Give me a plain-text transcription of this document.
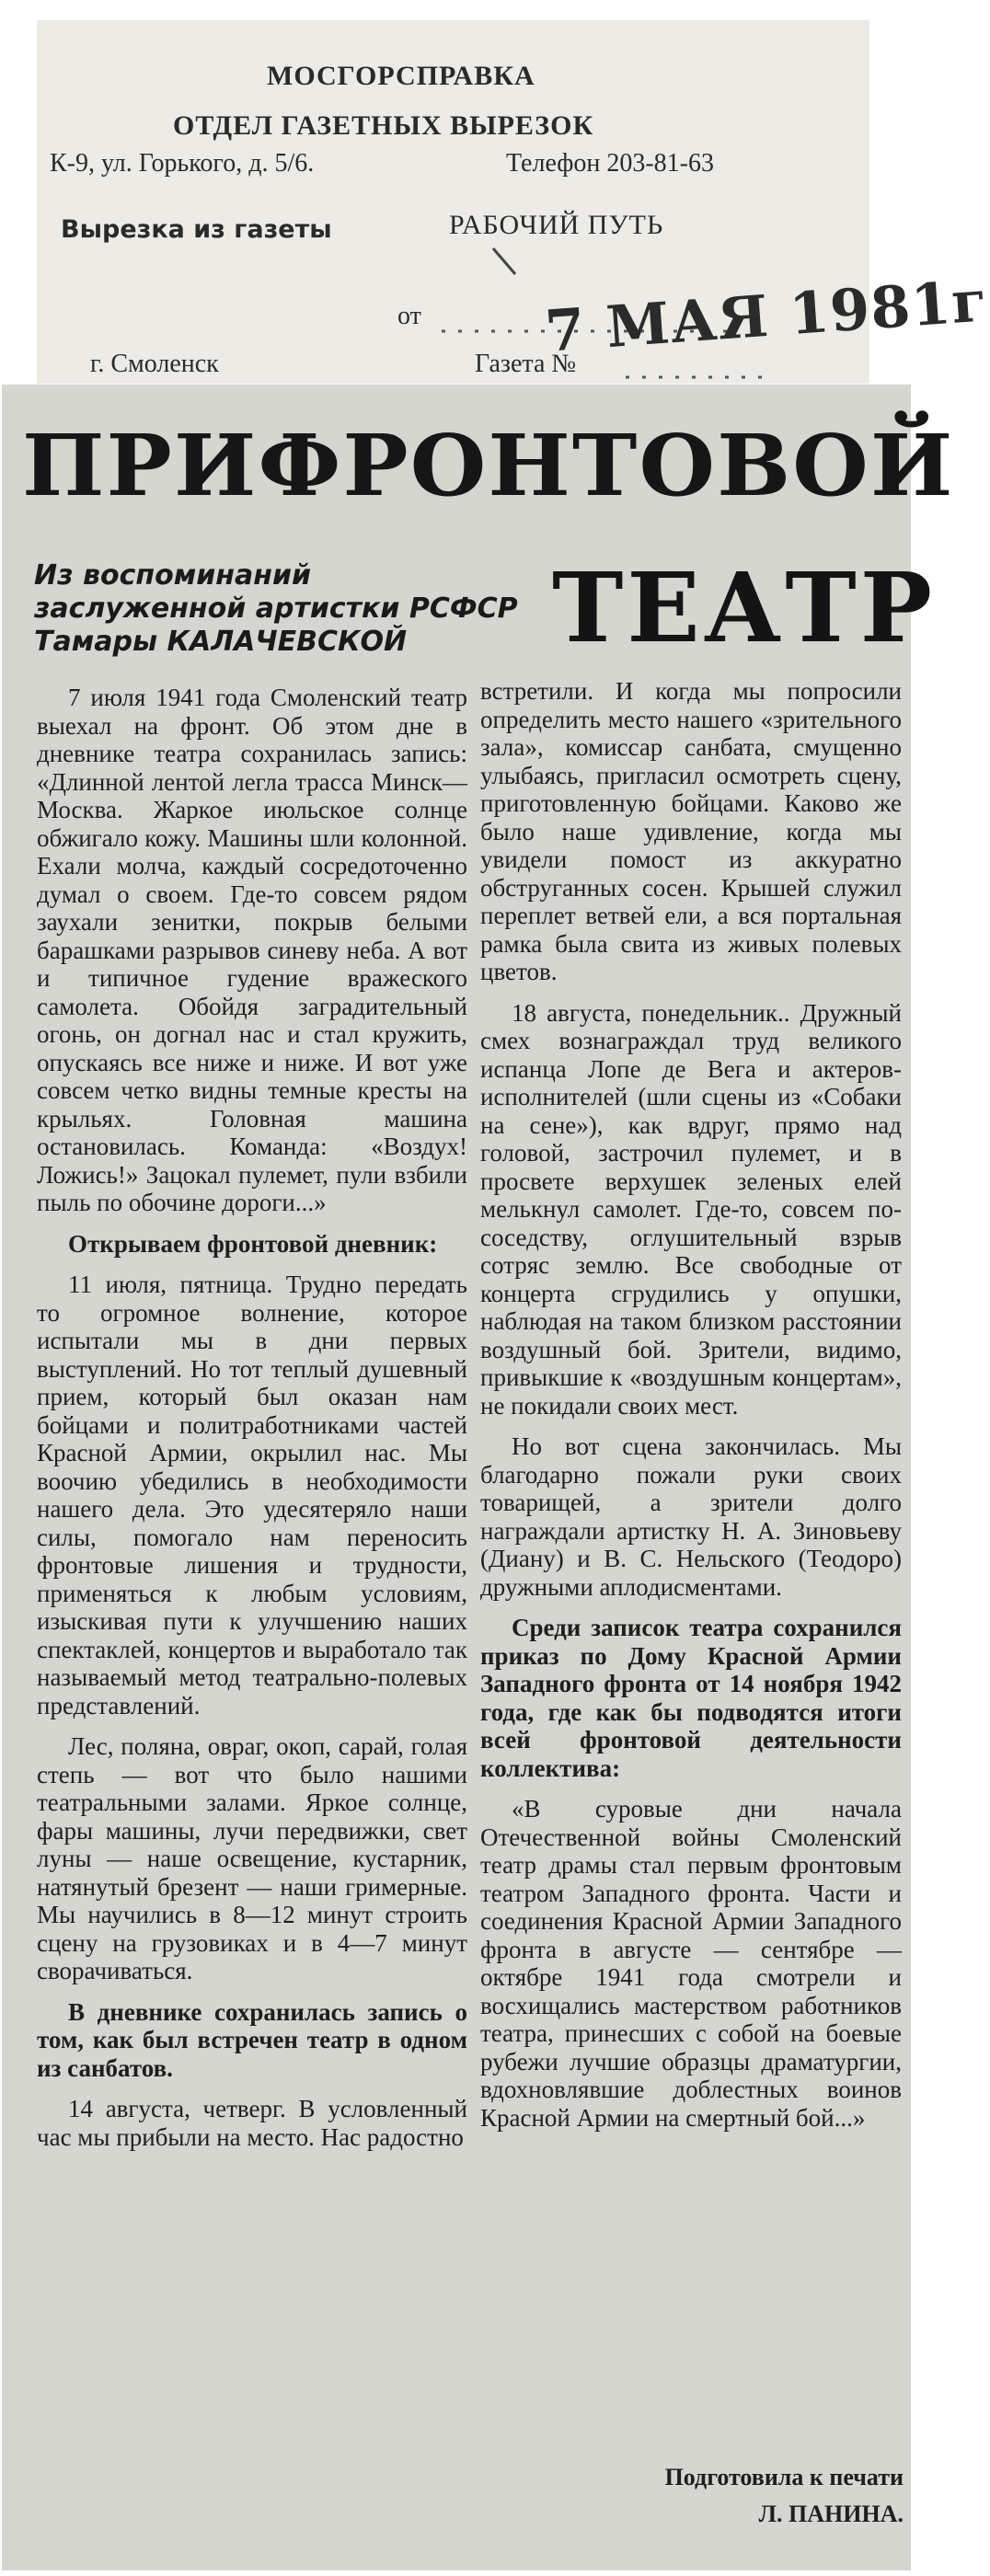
МОСГОРСПРАВКА
ОТДЕЛ ГАЗЕТНЫХ ВЫРЕЗОК
К-9, ул. Горького, д. 5/6.	Телефон 203-81-63
Вырезка из газеты	РАБОЧИЙ ПУТЬ
от
г. Смоленск	Газета №
7 МАЯ 1981г
ПРИФРОНТОВОЙ
Из воспоминаний
заслуженной артистки РСФСР
Тамары КАЛАЧЕВСКОЙ	ТЕАТР

7 июля 1941 года Смоленский театр выехал на фронт. Об этом дне в дневнике театра сохранилась запись: «Длинной лентой легла трасса Минск—Москва. Жаркое июльское солнце обжигало кожу. Машины шли колонной. Ехали молча, каждый сосредоточенно думал о своем. Где-то совсем рядом заухали зенитки, покрыв белыми барашками разрывов синеву неба. А вот и типичное гудение вражеского самолета. Обойдя заградительный огонь, он догнал нас и стал кружить, опускаясь все ниже и ниже. И вот уже совсем четко видны темные кресты на крыльях. Головная машина остановилась. Команда: «Воздух! Ложись!» Зацокал пулемет, пули взбили пыль по обочине дороги...»

Открываем фронтовой дневник:

11 июля, пятница. Трудно передать то огромное волнение, которое испытали мы в дни первых выступлений. Но тот теплый душевный прием, который был оказан нам бойцами и политработниками частей Красной Армии, окрылил нас. Мы воочию убедились в необходимости нашего дела. Это удесятеряло наши силы, помогало нам переносить фронтовые лишения и трудности, применяться к любым условиям, изыскивая пути к улучшению наших спектаклей, концертов и выработало так называемый метод театрально-полевых представлений.

Лес, поляна, овраг, окоп, сарай, голая степь — вот что было нашими театральными залами. Яркое солнце, фары машины, лучи передвижки, свет луны — наше освещение, кустарник, натянутый брезент — наши гримерные. Мы научились в 8—12 минут строить сцену на грузовиках и в 4—7 минут сворачиваться.

В дневнике сохранилась запись о том, как был встречен театр в одном из санбатов.

14 августа, четверг. В условленный час мы прибыли на место. Нас радостно

встретили. И когда мы попросили определить место нашего «зрительного зала», комиссар санбата, смущенно улыбаясь, пригласил осмотреть сцену, приготовленную бойцами. Каково же было наше удивление, когда мы увидели помост из аккуратно обструганных сосен. Крышей служил переплет ветвей ели, а вся портальная рамка была свита из живых полевых цветов.

18 августа, понедельник.. Дружный смех вознаграждал труд великого испанца Лопе де Вега и актеров-исполнителей (шли сцены из «Собаки на сене»), как вдруг, прямо над головой, застрочил пулемет, и в просвете верхушек зеленых елей мелькнул самолет. Где-то, совсем по-соседству, оглушительный взрыв сотряс землю. Все свободные от концерта сгрудились у опушки, наблюдая на таком близком расстоянии воздушный бой. Зрители, видимо, привыкшие к «воздушным концертам», не покидали своих мест.

Но вот сцена закончилась. Мы благодарно пожали руки своих товарищей, а зрители долго награждали артистку Н. А. Зиновьеву (Диану) и В. С. Нельского (Теодоро) дружными аплодисментами.

Среди записок театра сохранился приказ по Дому Красной Армии Западного фронта от 14 ноября 1942 года, где как бы подводятся итоги всей фронтовой деятельности коллектива:

«В суровые дни начала Отечественной войны Смоленский театр драмы стал первым фронтовым театром Западного фронта. Части и соединения Красной Армии Западного фронта в августе — сентябре — октябре 1941 года смотрели и восхищались мастерством работников театра, принесших с собой на боевые рубежи лучшие образцы драматургии, вдохновлявшие доблестных воинов Красной Армии на смертный бой...»

Подготовила к печати
Л. ПАНИНА.
